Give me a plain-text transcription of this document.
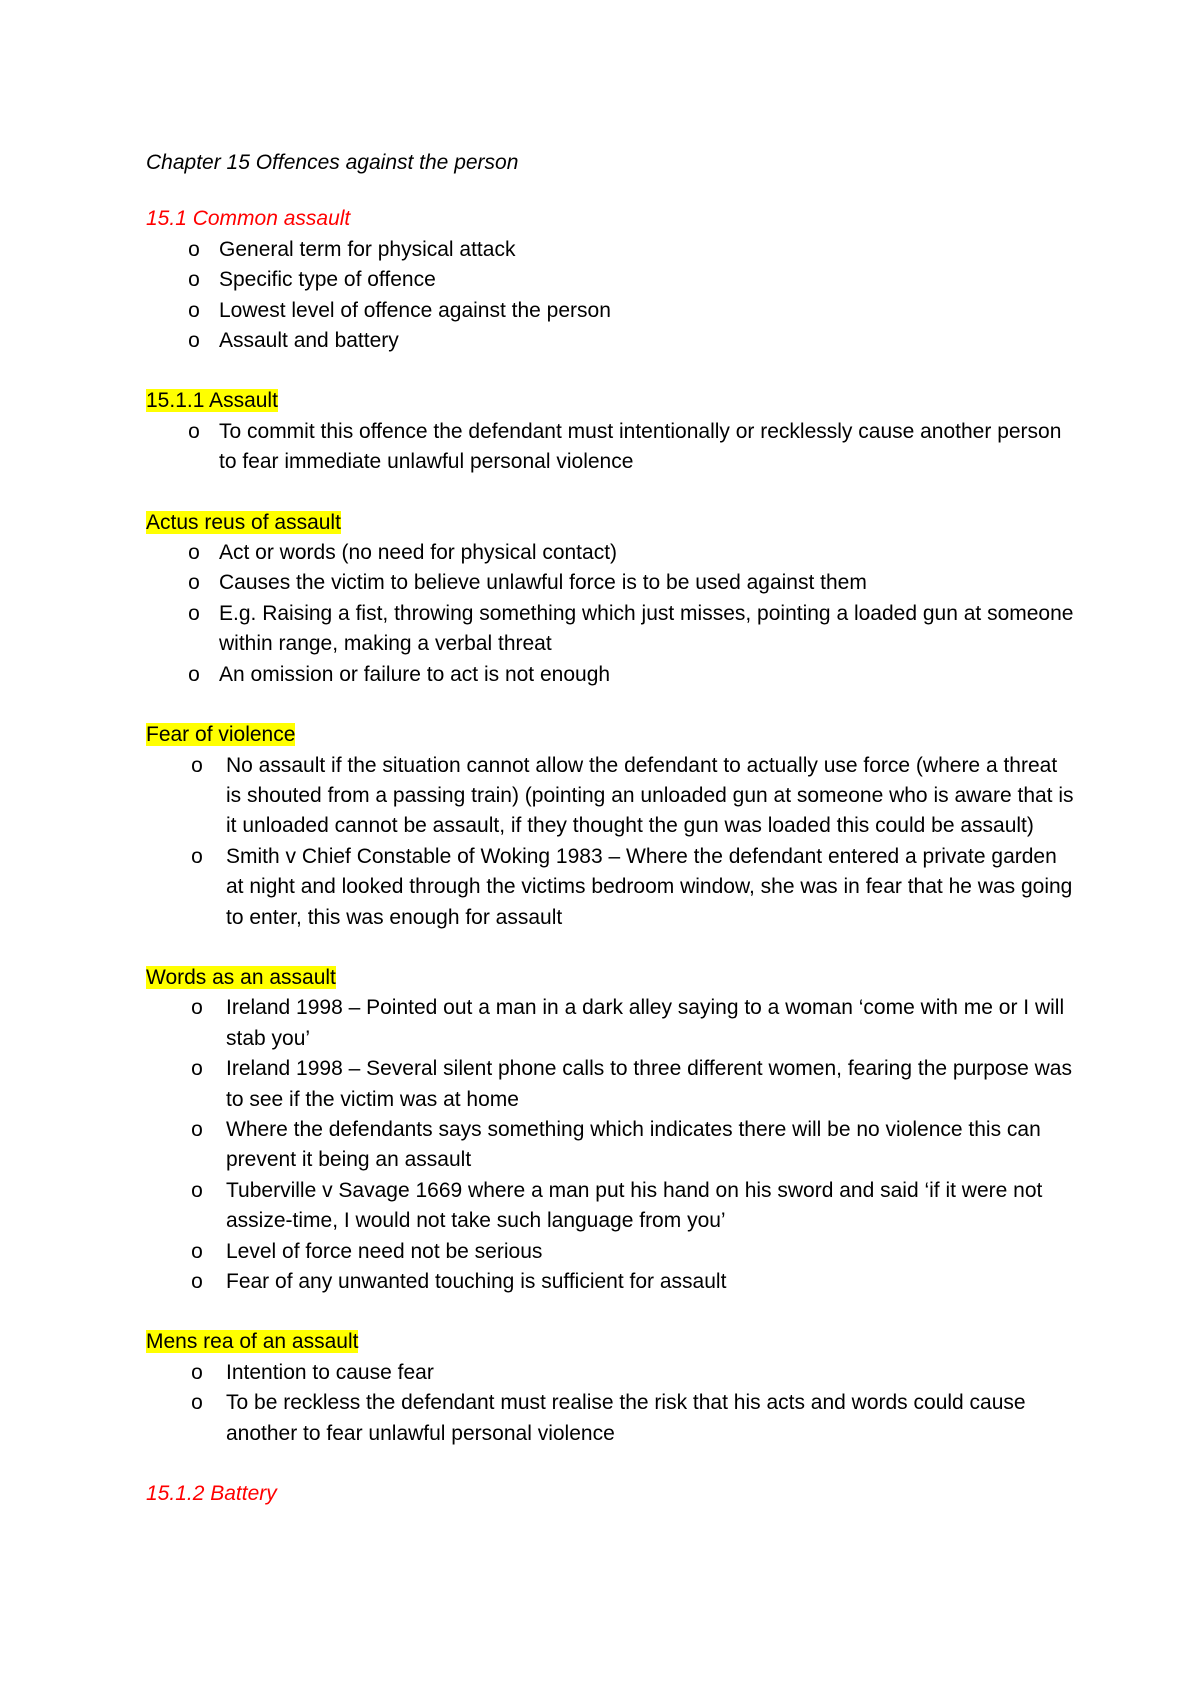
Chapter 15 Offences against the person
15.1 Common assault
o General term for physical attack
o Specific type of offence
o Lowest level of offence against the person
o Assault and battery
15.1.1 Assault
o To commit this offence the defendant must intentionally or recklessly cause another person to fear immediate unlawful personal violence
Actus reus of assault
o Act or words (no need for physical contact)
o Causes the victim to believe unlawful force is to be used against them
o E.g. Raising a fist, throwing something which just misses, pointing a loaded gun at someone within range, making a verbal threat
o An omission or failure to act is not enough
Fear of violence
o No assault if the situation cannot allow the defendant to actually use force (where a threat is shouted from a passing train) (pointing an unloaded gun at someone who is aware that is it unloaded cannot be assault, if they thought the gun was loaded this could be assault)
o Smith v Chief Constable of Woking 1983 – Where the defendant entered a private garden at night and looked through the victims bedroom window, she was in fear that he was going to enter, this was enough for assault
Words as an assault
o Ireland 1998 – Pointed out a man in a dark alley saying to a woman ‘come with me or I will stab you’
o Ireland 1998 – Several silent phone calls to three different women, fearing the purpose was to see if the victim was at home
o Where the defendants says something which indicates there will be no violence this can prevent it being an assault
o Tuberville v Savage 1669 where a man put his hand on his sword and said ‘if it were not assize-time, I would not take such language from you’
o Level of force need not be serious
o Fear of any unwanted touching is sufficient for assault
Mens rea of an assault
o Intention to cause fear
o To be reckless the defendant must realise the risk that his acts and words could cause another to fear unlawful personal violence
15.1.2 Battery
